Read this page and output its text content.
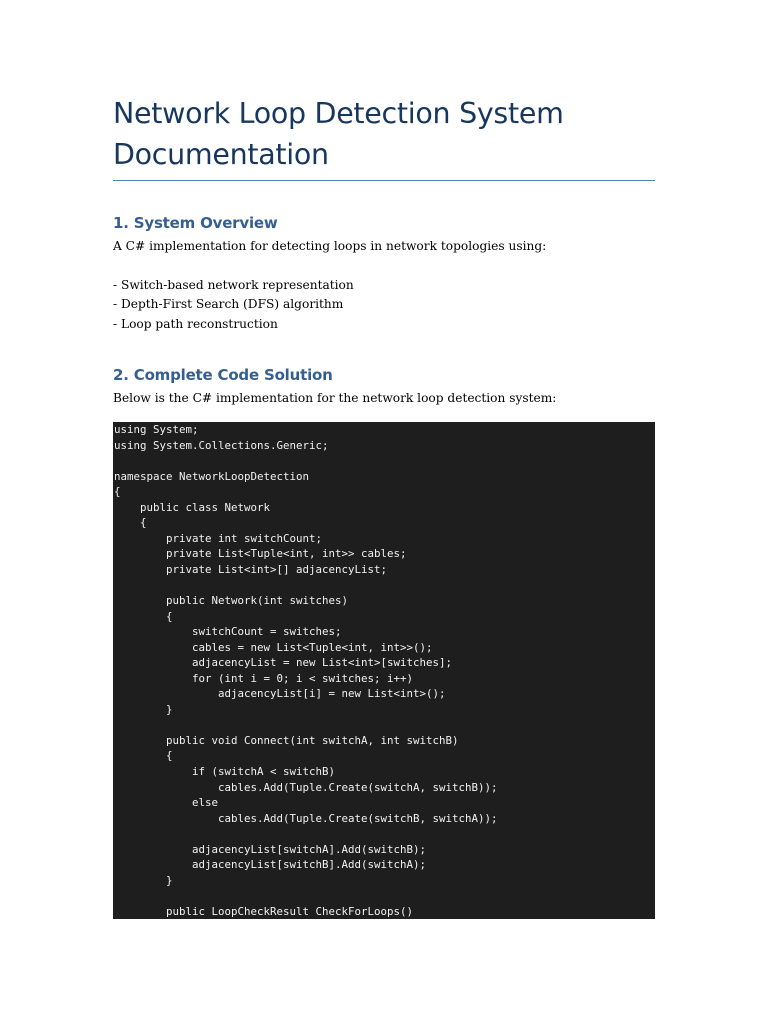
Network Loop Detection System
Documentation
1. System Overview

A C# implementation for detecting loops in network topologies using:

- Switch-based network representation
- Depth-First Search (DFS) algorithm
- Loop path reconstruction
2. Complete Code Solution

Below is the C# implementation for the network loop detection system:

using System;
using System.Collections.Generic;
namespace NetworkLoopDetection
{
public class Network
{
private int switchCount;
private List<Tuple<int, int>> cables;
private List<int>[] adjacencyList;
public Network(int switches)
{
switchCount = switches;
cables = new List<Tuple<int, int>>();
adjacencyList = new List<int>[switches];
for (int i = 0; i < switches; i++)
adjacencyList[i] = new List<int>();
}
public void Connect(int switchA, int switchB)
{
if (switchA < switchB)
cables.Add(Tuple.Create(switchA, switchB));
else
cables.Add(Tuple.Create(switchB, switchA));
adjacencyList[switchA].Add(switchB);
adjacencyList[switchB].Add(switchA);
}
public LoopCheckResult CheckForLoops()
